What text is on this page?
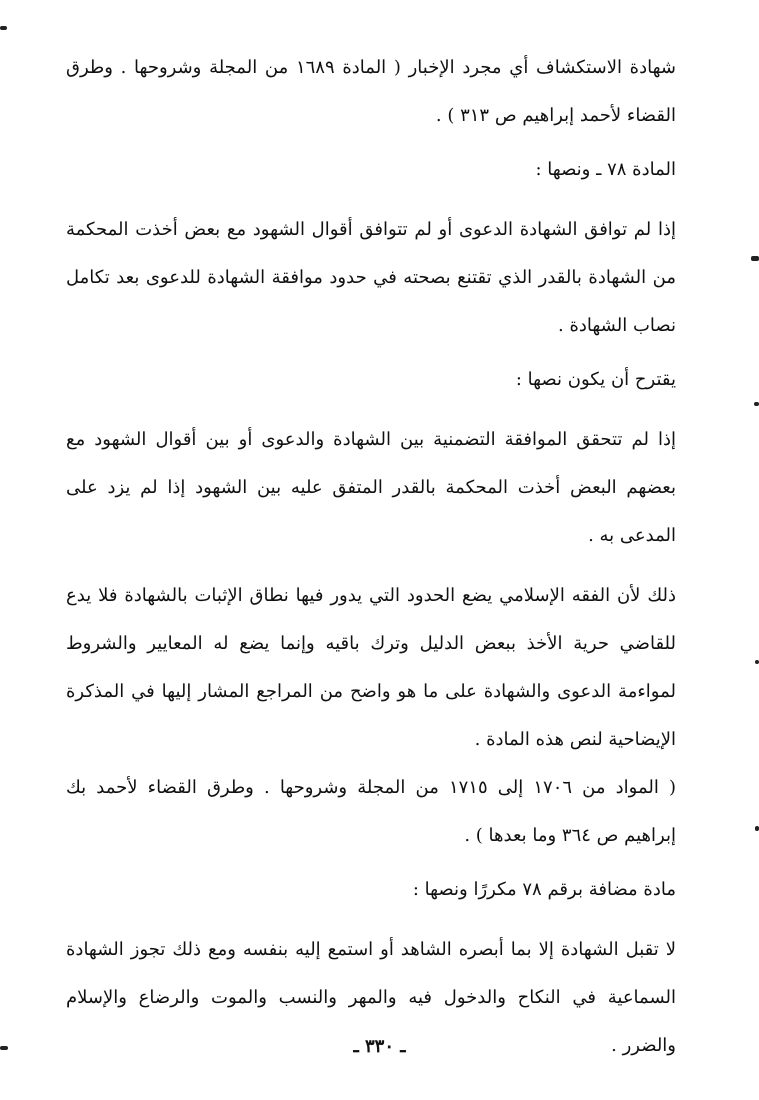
شهادة الاستكشاف أي مجرد الإخبار ( المادة ١٦٨٩ من المجلة وشروحها . وطرق القضاء لأحمد إبراهيم ص ٣١٣ ) .

المادة ٧٨ ـ ونصها :

إذا لم توافق الشهادة الدعوى أو لم تتوافق أقوال الشهود مع بعض أخذت المحكمة من الشهادة بالقدر الذي تقتنع بصحته في حدود موافقة الشهادة للدعوى بعد تكامل نصاب الشهادة .

يقترح أن يكون نصها :

إذا لم تتحقق الموافقة التضمنية بين الشهادة والدعوى أو بين أقوال الشهود مع بعضهم البعض أخذت المحكمة بالقدر المتفق عليه بين الشهود إذا لم يزد على المدعى به .

ذلك لأن الفقه الإسلامي يضع الحدود التي يدور فيها نطاق الإثبات بالشهادة فلا يدع للقاضي حرية الأخذ ببعض الدليل وترك باقيه وإنما يضع له المعايير والشروط لمواءمة الدعوى والشهادة على ما هو واضح من المراجع المشار إليها في المذكرة الإيضاحية لنص هذه المادة .

( المواد من ١٧٠٦ إلى ١٧١٥ من المجلة وشروحها . وطرق القضاء لأحمد بك إبراهيم ص ٣٦٤ وما بعدها ) .

مادة مضافة برقم ٧٨ مكررًا ونصها :

لا تقبل الشهادة إلا بما أبصره الشاهد أو استمع إليه بنفسه ومع ذلك تجوز الشهادة السماعية في النكاح والدخول فيه والمهر والنسب والموت والرضاع والإسلام والضرر .

ـ ٣٣٠ ـ
